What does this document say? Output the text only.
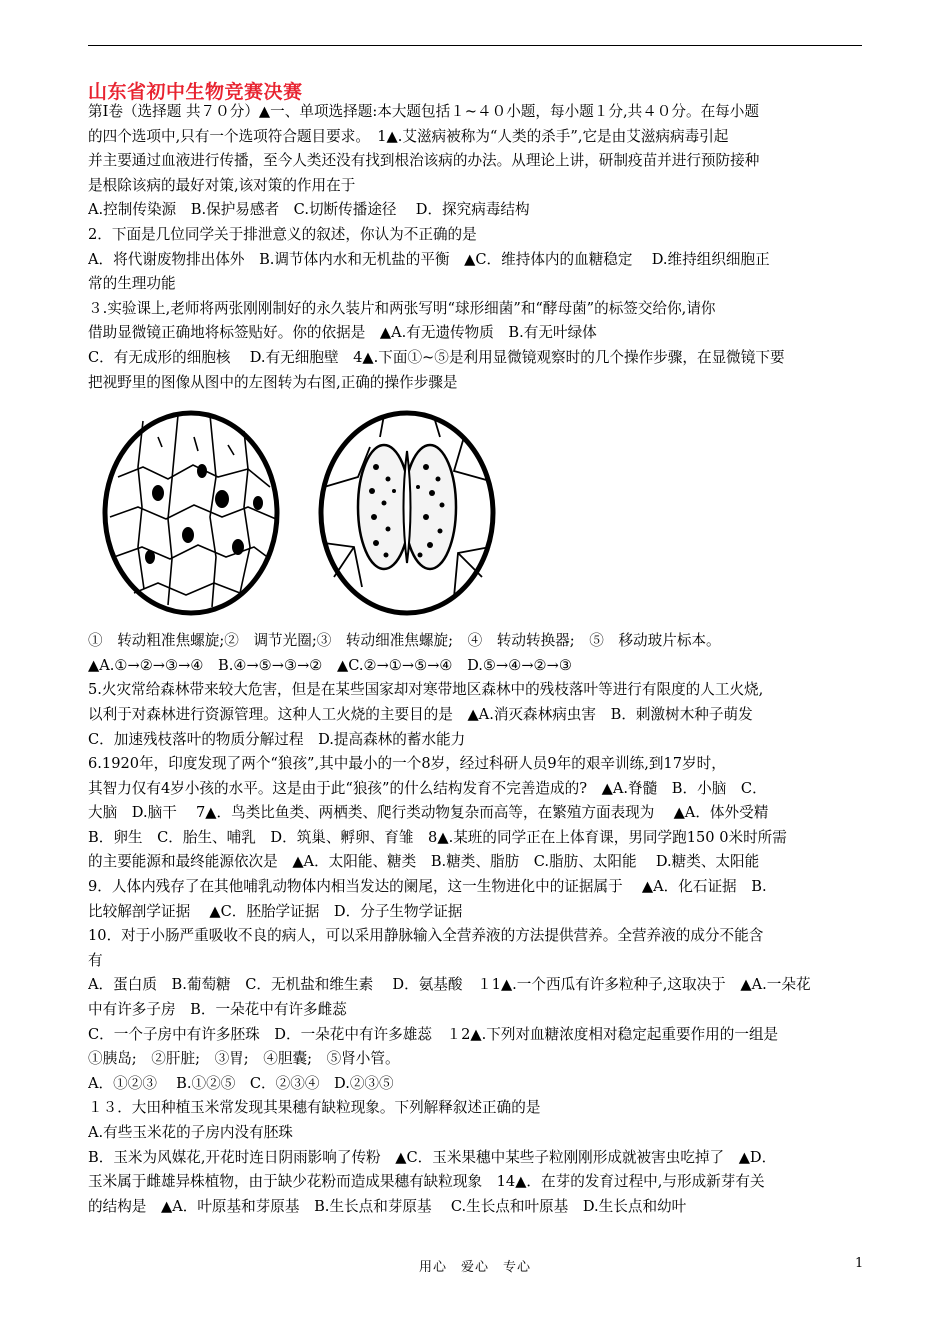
山东省初中生物竞赛决赛
第Ⅰ卷（选择题 共７０分）▲一、单项选择题:本大题包括１~４０小题，每小题１分,共４０分。在每小题
的四个选项中,只有一个选项符合题目要求。　1▲.艾滋病被称为“人类的杀手”,它是由艾滋病病毒引起
并主要通过血液进行传播，至今人类还没有找到根治该病的办法。从理论上讲，研制疫苗并进行预防接种
是根除该病的最好对策,该对策的作用在于
A.控制传染源　B.保护易感者　C.切断传播途径　 D．探究病毒结构
2．下面是几位同学关于排泄意义的叙述，你认为不正确的是
A．将代谢废物排出体外　B.调节体内水和无机盐的平衡　▲C．维持体内的血糖稳定　 D.维持组织细胞正
常的生理功能
３.实验课上,老师将两张刚刚制好的永久装片和两张写明“球形细菌”和“酵母菌”的标签交给你,请你
借助显微镜正确地将标签贴好。你的依据是　▲A.有无遗传物质　B.有无叶绿体
C．有无成形的细胞核　 D.有无细胞壁　4▲.下面①~⑤是利用显微镜观察时的几个操作步骤，在显微镜下要
把视野里的图像从图中的左图转为右图,正确的操作步骤是
①　转动粗准焦螺旋;②　调节光圈;③　转动细准焦螺旋;　④　转动转换器;　⑤　移动玻片标本。
▲A.①→②→③→④　B.④→⑤→③→②　▲C.②→①→⑤→④　D.⑤→④→②→③
5.火灾常给森林带来较大危害，但是在某些国家却对寒带地区森林中的残枝落叶等进行有限度的人工火烧,
以利于对森林进行资源管理。这种人工火烧的主要目的是　▲A.消灭森林病虫害　B．刺激树木种子萌发
C．加速残枝落叶的物质分解过程　D.提高森林的蓄水能力
6.1920年，印度发现了两个“狼孩”,其中最小的一个8岁，经过科研人员9年的艰辛训练,到17岁时，
其智力仅有4岁小孩的水平。这是由于此“狼孩”的什么结构发育不完善造成的?　▲A.脊髓　B．小脑　C．
大脑　D.脑干　 7▲．鸟类比鱼类、两栖类、爬行类动物复杂而高等，在繁殖方面表现为　 ▲A．体外受精
B．卵生　C．胎生、哺乳　D．筑巢、孵卵、育雏　8▲.某班的同学正在上体育课，男同学跑150 0米时所需
的主要能源和最终能源依次是　▲A．太阳能、糖类　B.糖类、脂肪　C.脂肪、太阳能　 D.糖类、太阳能
9．人体内残存了在其他哺乳动物体内相当发达的阑尾，这一生物进化中的证据属于　 ▲A．化石证据　B.
比较解剖学证据　 ▲C．胚胎学证据　D．分子生物学证据
10．对于小肠严重吸收不良的病人，可以采用静脉输入全营养液的方法提供营养。全营养液的成分不能含
有
A．蛋白质　B.葡萄糖　C．无机盐和维生素　 D．氨基酸　１1▲.一个西瓜有许多粒种子,这取决于　▲A.一朵花
中有许多子房　B．一朵花中有许多雌蕊
C．一个子房中有许多胚珠　D．一朵花中有许多雄蕊　１2▲.下列对血糖浓度相对稳定起重要作用的一组是
①胰岛;　②肝脏;　③胃;　④胆囊;　⑤肾小管。
A．①②③　 B.①②⑤　C．②③④　D.②③⑤
１３．大田种植玉米常发现其果穗有缺粒现象。下列解释叙述正确的是
A.有些玉米花的子房内没有胚珠
B．玉米为风媒花,开花时连日阴雨影响了传粉　▲C．玉米果穗中某些子粒刚刚形成就被害虫吃掉了　▲D．
玉米属于雌雄异株植物，由于缺少花粉而造成果穗有缺粒现象　14▲．在芽的发育过程中,与形成新芽有关
的结构是　▲A．叶原基和芽原基　B.生长点和芽原基　 C.生长点和叶原基　D.生长点和幼叶
用心　爱心　专心	1
